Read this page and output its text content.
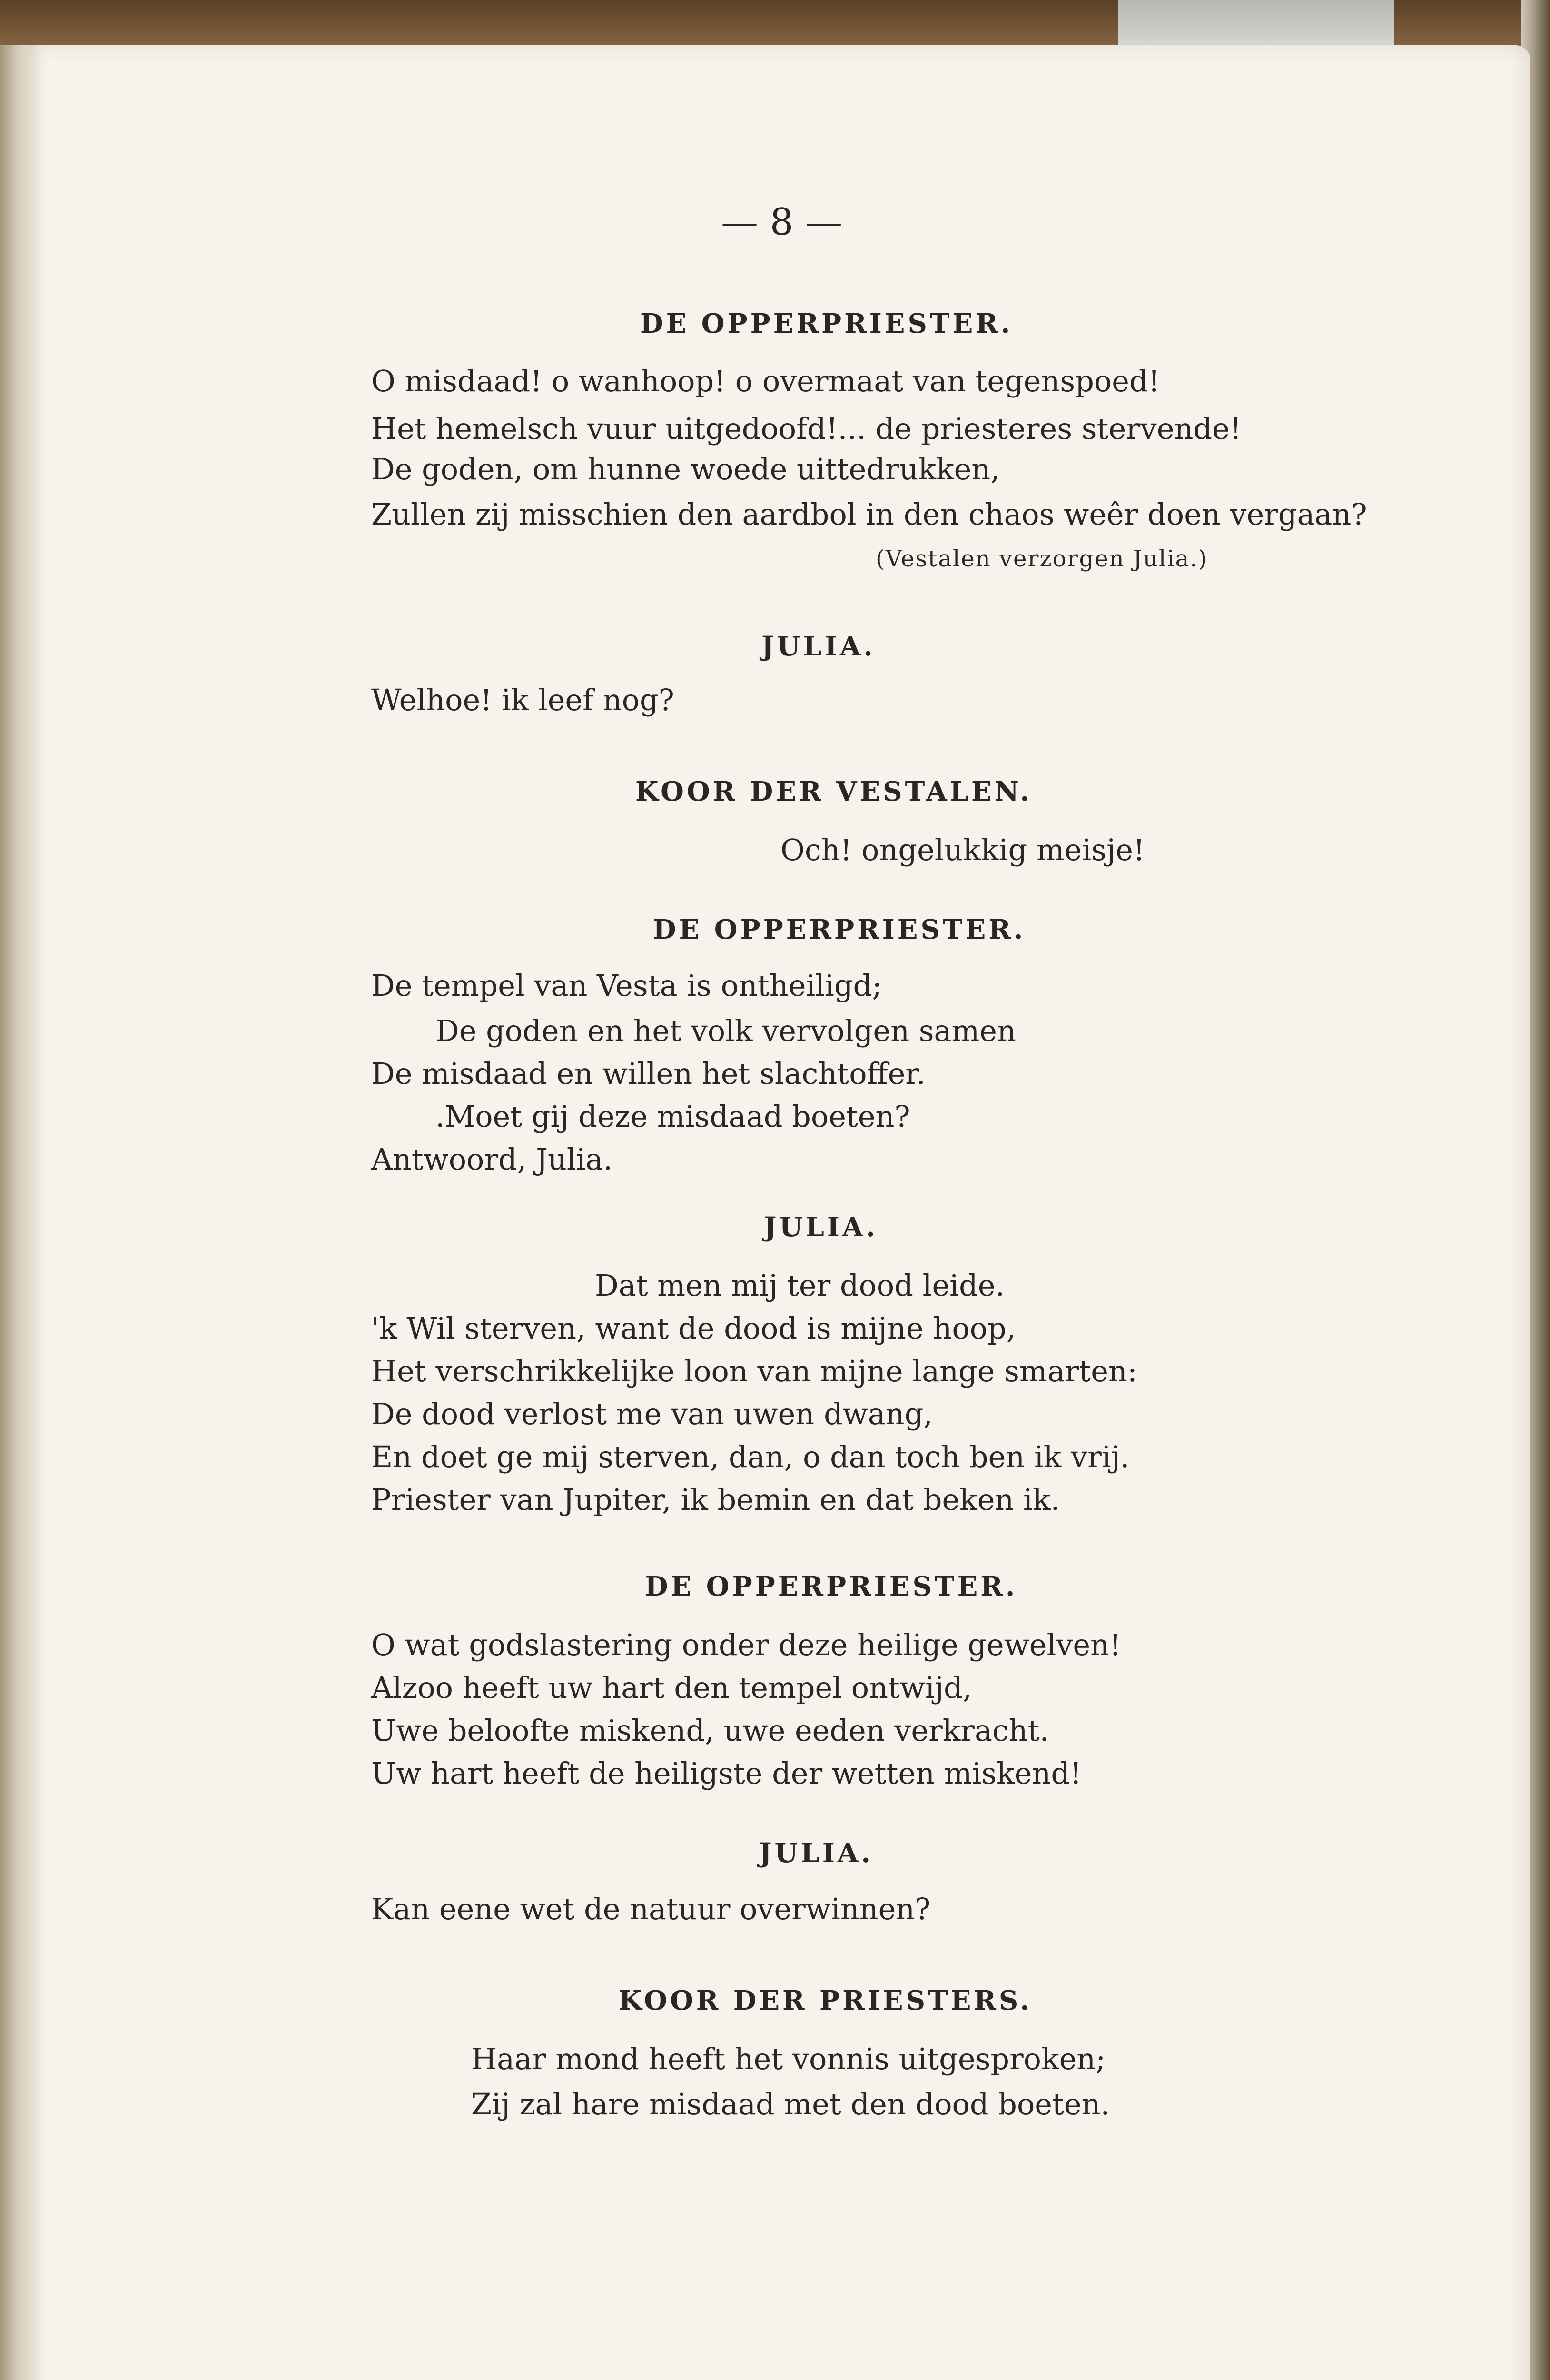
— 8 —
DE OPPERPRIESTER.
O misdaad! o wanhoop! o overmaat van tegenspoed!
Het hemelsch vuur uitgedoofd!... de priesteres stervende!
De goden, om hunne woede uittedrukken,
Zullen zij misschien den aardbol in den chaos weêr doen vergaan?
(Vestalen verzorgen Julia.)
JULIA.
Welhoe! ik leef nog?
KOOR DER VESTALEN.
Och! ongelukkig meisje!
DE OPPERPRIESTER.
De tempel van Vesta is ontheiligd;
De goden en het volk vervolgen samen
De misdaad en willen het slachtoffer.
.Moet gij deze misdaad boeten?
Antwoord, Julia.
JULIA.
Dat men mij ter dood leide.
'k Wil sterven, want de dood is mijne hoop,
Het verschrikkelijke loon van mijne lange smarten:
De dood verlost me van uwen dwang,
En doet ge mij sterven, dan, o dan toch ben ik vrij.
Priester van Jupiter, ik bemin en dat beken ik.
DE OPPERPRIESTER.
O wat godslastering onder deze heilige gewelven!
Alzoo heeft uw hart den tempel ontwijd,
Uwe beloofte miskend, uwe eeden verkracht.
Uw hart heeft de heiligste der wetten miskend!
JULIA.
Kan eene wet de natuur overwinnen?
KOOR DER PRIESTERS.
Haar mond heeft het vonnis uitgesproken;
Zij zal hare misdaad met den dood boeten.
